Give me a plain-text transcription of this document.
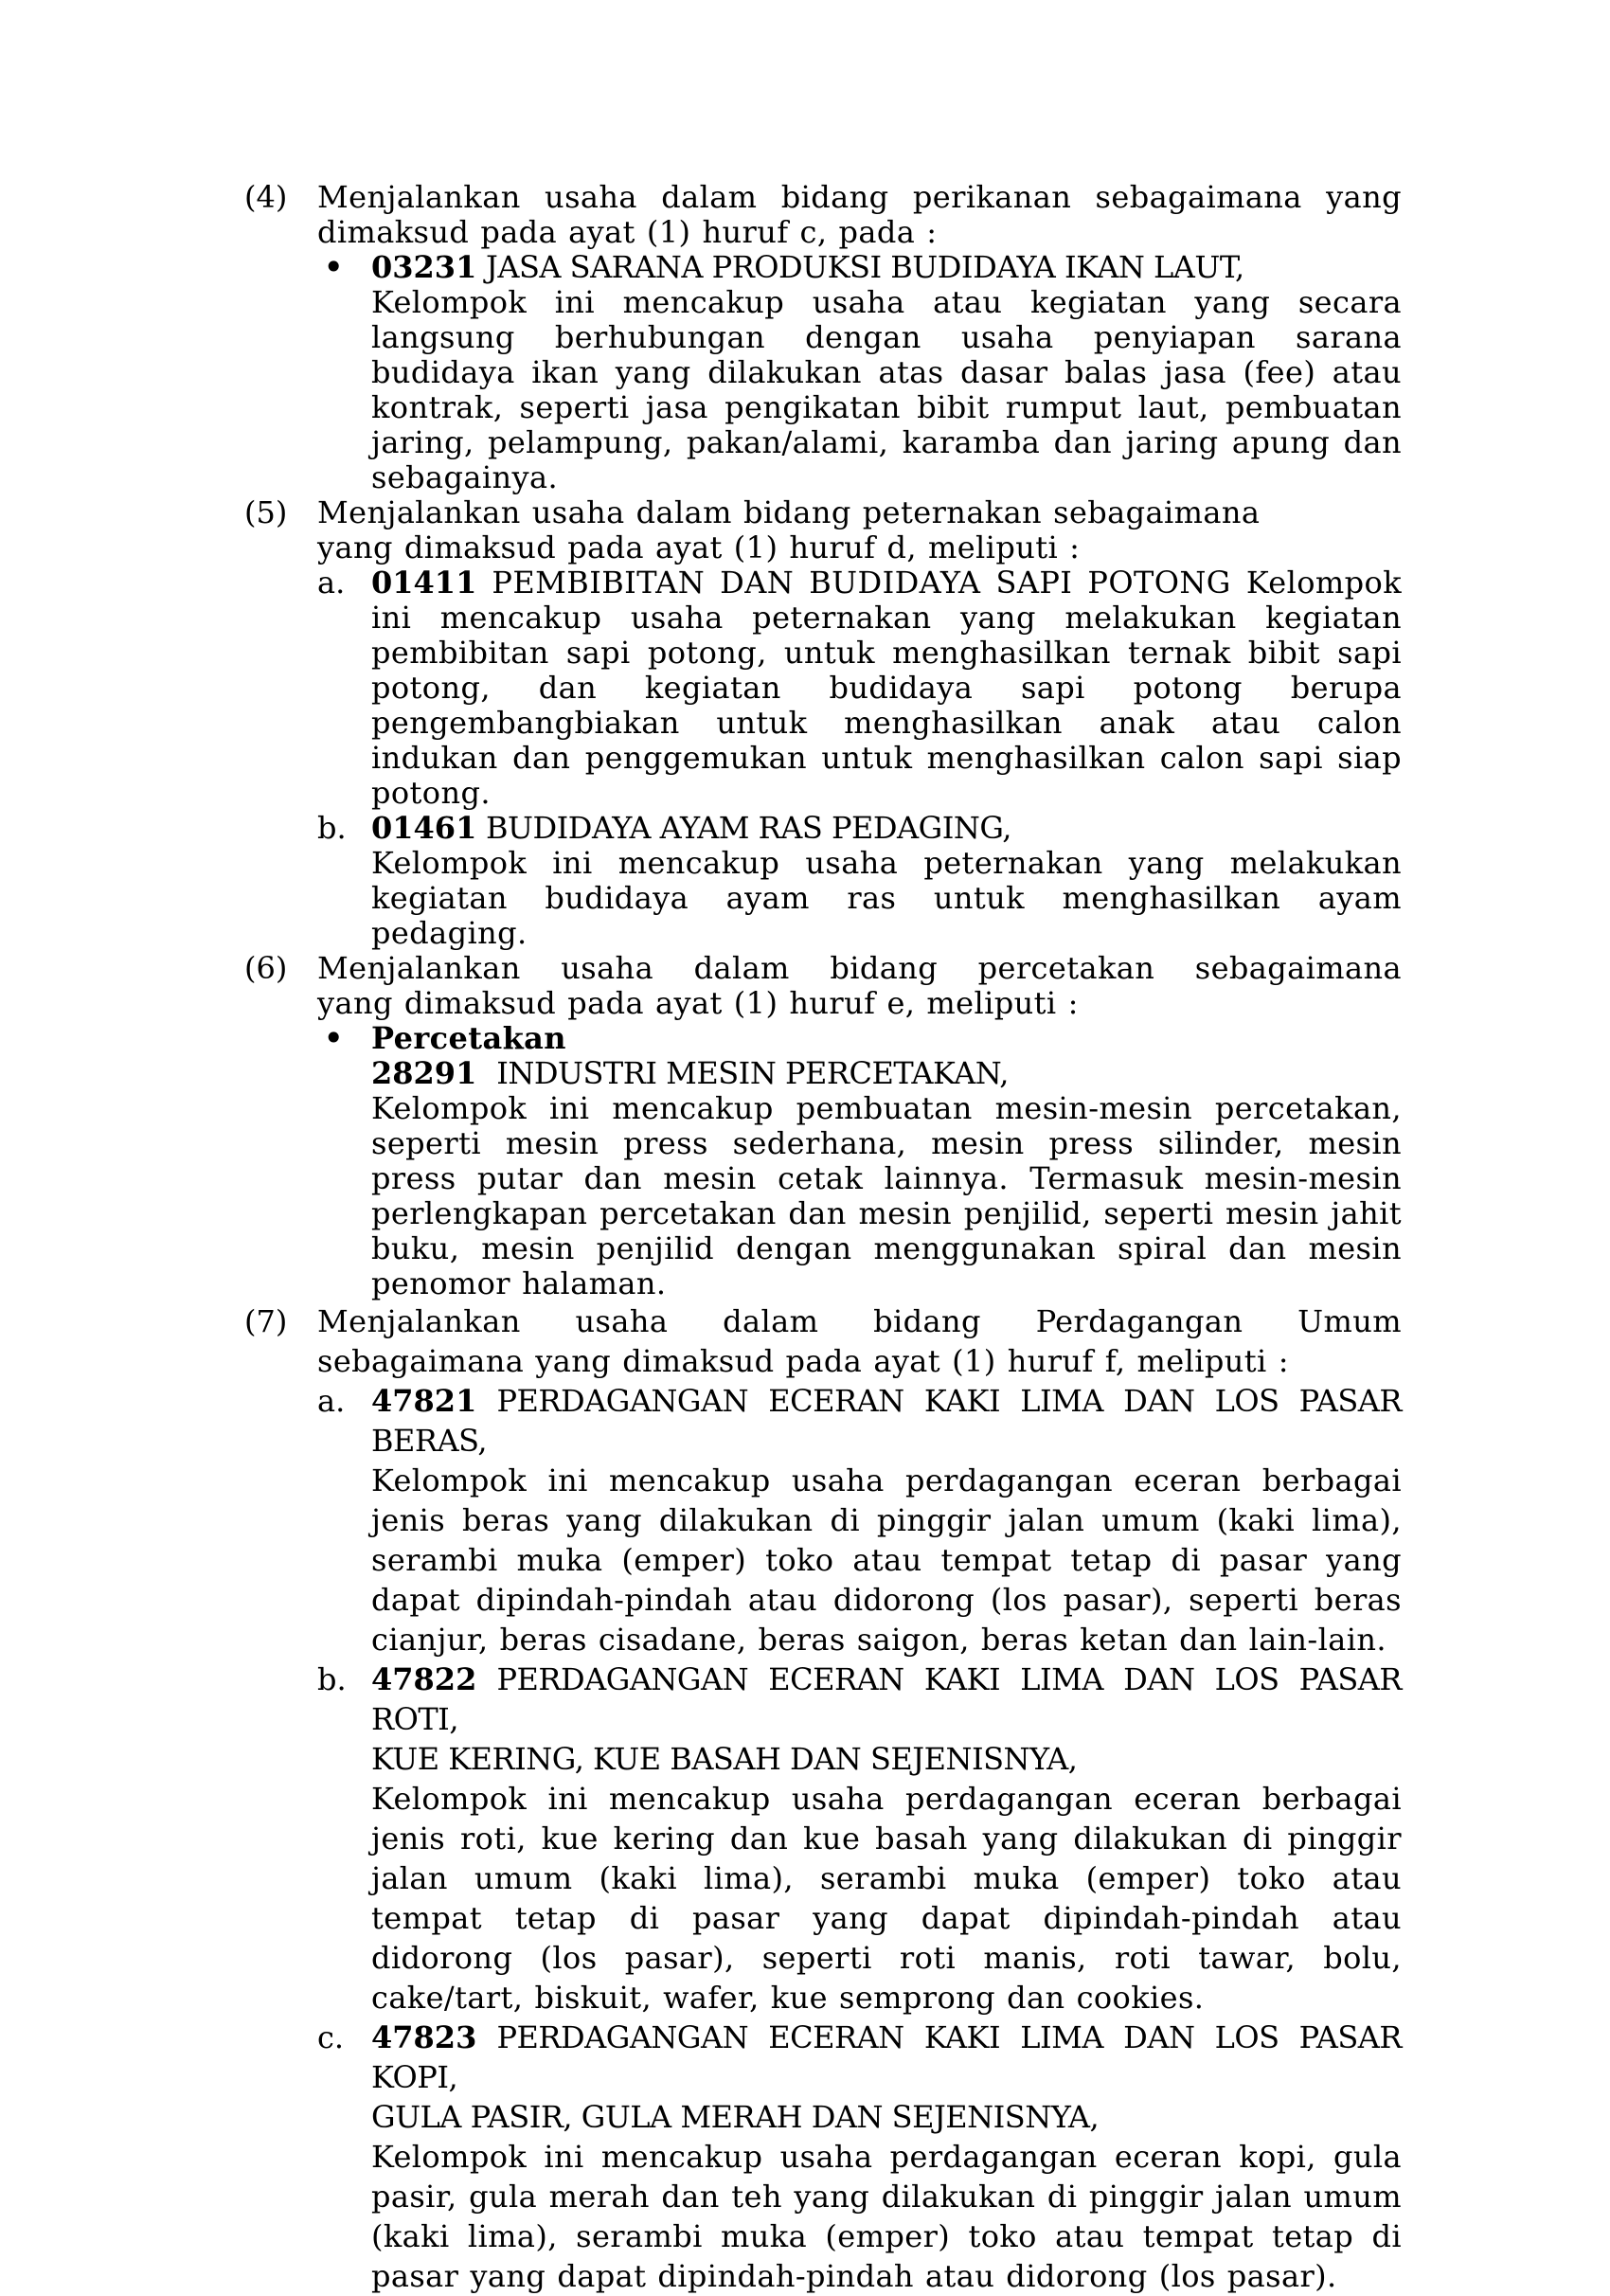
(4) Menjalankan usaha dalam bidang perikanan sebagaimana yang
dimaksud pada ayat (1) huruf c, pada :
• 03231 JASA SARANA PRODUKSI BUDIDAYA IKAN LAUT,

Kelompok ini mencakup usaha atau kegiatan yang secara langsung berhubungan dengan usaha penyiapan sarana budidaya ikan yang dilakukan atas dasar balas jasa (fee) atau kontrak, seperti jasa pengikatan bibit rumput laut, pembuatan jaring, pelampung, pakan/alami, karamba dan jaring apung dan sebagainya.

(5) Menjalankan usaha dalam bidang peternakan sebagaimana
yang dimaksud pada ayat (1) huruf d, meliputi :
a. 01411 PEMBIBITAN DAN BUDIDAYA SAPI POTONG Kelompok ini mencakup usaha peternakan yang melakukan kegiatan pembibitan sapi potong, untuk menghasilkan ternak bibit sapi potong, dan kegiatan budidaya sapi potong berupa pengembangbiakan untuk menghasilkan anak atau calon indukan dan penggemukan untuk menghasilkan calon sapi siap potong.

b. 01461 BUDIDAYA AYAM RAS PEDAGING,

Kelompok ini mencakup usaha peternakan yang melakukan kegiatan budidaya ayam ras untuk menghasilkan ayam pedaging.

(6) Menjalankan usaha dalam bidang percetakan sebagaimana
yang dimaksud pada ayat (1) huruf e, meliputi :
• Percetakan

28291 INDUSTRI MESIN PERCETAKAN,

Kelompok ini mencakup pembuatan mesin-mesin percetakan, seperti mesin press sederhana, mesin press silinder, mesin press putar dan mesin cetak lainnya. Termasuk mesin-mesin perlengkapan percetakan dan mesin penjilid, seperti mesin jahit buku, mesin penjilid dengan menggunakan spiral dan mesin penomor halaman.

(7) Menjalankan usaha dalam bidang Perdagangan Umum
sebagaimana yang dimaksud pada ayat (1) huruf f, meliputi :
a. 47821 PERDAGANGAN ECERAN KAKI LIMA DAN LOS PASAR BERAS,

Kelompok ini mencakup usaha perdagangan eceran berbagai jenis beras yang dilakukan di pinggir jalan umum (kaki lima), serambi muka (emper) toko atau tempat tetap di pasar yang dapat dipindah-pindah atau didorong (los pasar), seperti beras cianjur, beras cisadane, beras saigon, beras ketan dan lain-lain.

b. 47822 PERDAGANGAN ECERAN KAKI LIMA DAN LOS PASAR ROTI,

KUE KERING, KUE BASAH DAN SEJENISNYA,

Kelompok ini mencakup usaha perdagangan eceran berbagai jenis roti, kue kering dan kue basah yang dilakukan di pinggir jalan umum (kaki lima), serambi muka (emper) toko atau tempat tetap di pasar yang dapat dipindah-pindah atau didorong (los pasar), seperti roti manis, roti tawar, bolu, cake/tart, biskuit, wafer, kue semprong dan cookies.

c. 47823 PERDAGANGAN ECERAN KAKI LIMA DAN LOS PASAR KOPI,

GULA PASIR, GULA MERAH DAN SEJENISNYA,

Kelompok ini mencakup usaha perdagangan eceran kopi, gula pasir, gula merah dan teh yang dilakukan di pinggir jalan umum (kaki lima), serambi muka (emper) toko atau tempat tetap di pasar yang dapat dipindah-pindah atau didorong (los pasar).
